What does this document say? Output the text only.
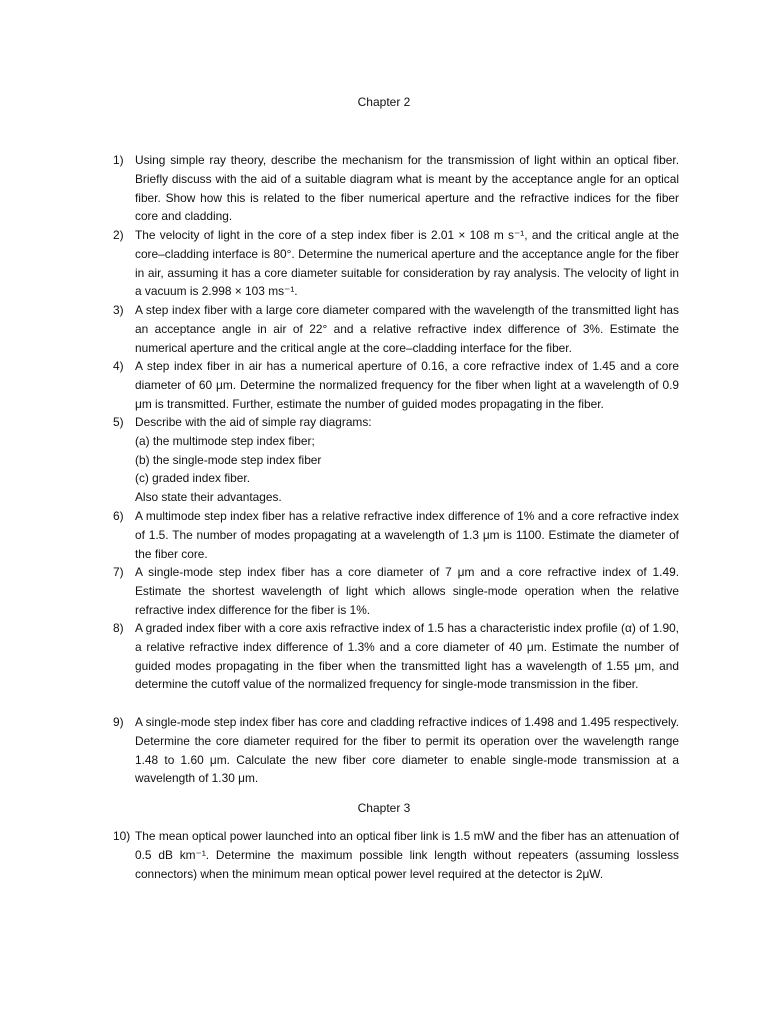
Chapter 2
1) Using simple ray theory, describe the mechanism for the transmission of light within an optical fiber. Briefly discuss with the aid of a suitable diagram what is meant by the acceptance angle for an optical fiber. Show how this is related to the fiber numerical aperture and the refractive indices for the fiber core and cladding.

2) The velocity of light in the core of a step index fiber is 2.01 × 108 m s⁻¹, and the critical angle at the core–cladding interface is 80°. Determine the numerical aperture and the acceptance angle for the fiber in air, assuming it has a core diameter suitable for consideration by ray analysis. The velocity of light in a vacuum is 2.998 × 103 ms⁻¹.

3) A step index fiber with a large core diameter compared with the wavelength of the transmitted light has an acceptance angle in air of 22° and a relative refractive index difference of 3%. Estimate the numerical aperture and the critical angle at the core–cladding interface for the fiber.

4) A step index fiber in air has a numerical aperture of 0.16, a core refractive index of 1.45 and a core diameter of 60 μm. Determine the normalized frequency for the fiber when light at a wavelength of 0.9 μm is transmitted. Further, estimate the number of guided modes propagating in the fiber.

5) Describe with the aid of simple ray diagrams:

(a) the multimode step index fiber;

(b) the single-mode step index fiber

(c) graded index fiber.

Also state their advantages.

6) A multimode step index fiber has a relative refractive index difference of 1% and a core refractive index of 1.5. The number of modes propagating at a wavelength of 1.3 μm is 1100. Estimate the diameter of the fiber core.

7) A single-mode step index fiber has a core diameter of 7 μm and a core refractive index of 1.49. Estimate the shortest wavelength of light which allows single-mode operation when the relative refractive index difference for the fiber is 1%.

8) A graded index fiber with a core axis refractive index of 1.5 has a characteristic index profile (α) of 1.90, a relative refractive index difference of 1.3% and a core diameter of 40 μm. Estimate the number of guided modes propagating in the fiber when the transmitted light has a wavelength of 1.55 μm, and determine the cutoff value of the normalized frequency for single-mode transmission in the fiber.

9) A single-mode step index fiber has core and cladding refractive indices of 1.498 and 1.495 respectively. Determine the core diameter required for the fiber to permit its operation over the wavelength range 1.48 to 1.60 μm. Calculate the new fiber core diameter to enable single-mode transmission at a wavelength of 1.30 μm.

Chapter 3
10) The mean optical power launched into an optical fiber link is 1.5 mW and the fiber has an attenuation of 0.5 dB km⁻¹. Determine the maximum possible link length without repeaters (assuming lossless connectors) when the minimum mean optical power level required at the detector is 2μW.
